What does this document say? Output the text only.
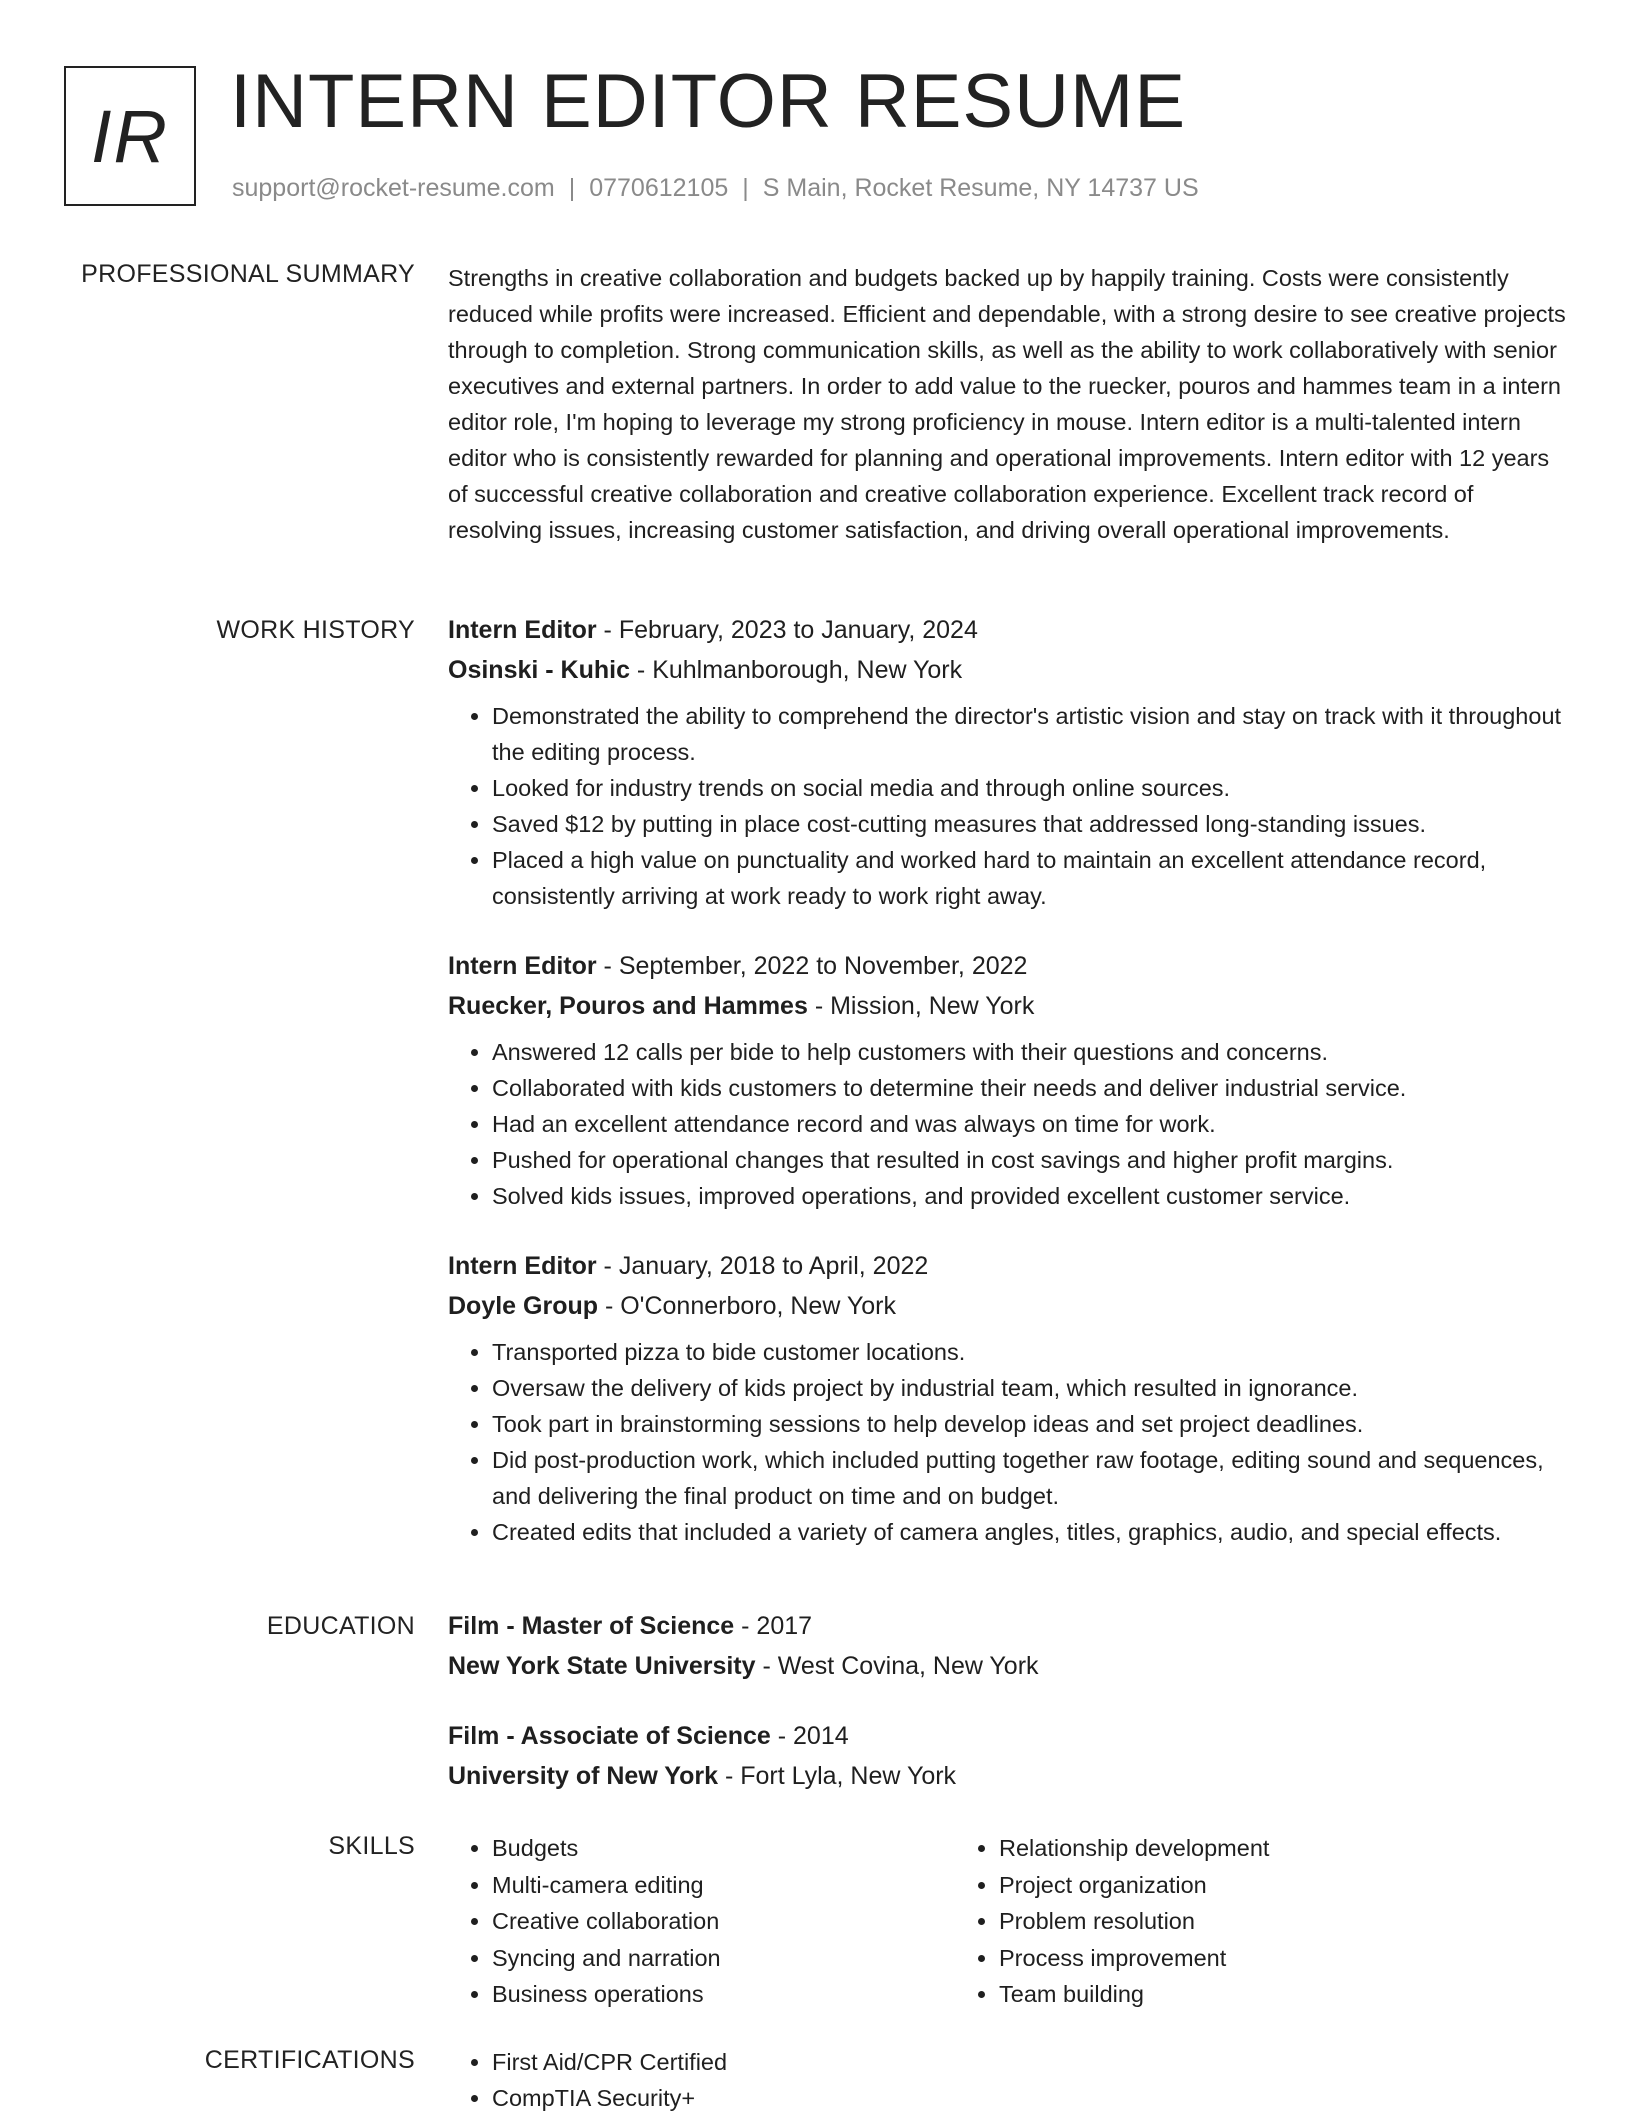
IR INTERN EDITOR RESUME
support@rocket-resume.com | 0770612105 | S Main, Rocket Resume, NY 14737 US
PROFESSIONAL SUMMARY Strengths in creative collaboration and budgets backed up by happily training. Costs were consistently reduced while profits were increased. Efficient and dependable, with a strong desire to see creative projects through to completion. Strong communication skills, as well as the ability to work collaboratively with senior executives and external partners. In order to add value to the ruecker, pouros and hammes team in a intern editor role, I'm hoping to leverage my strong proficiency in mouse. Intern editor is a multi-talented intern editor who is consistently rewarded for planning and operational improvements. Intern editor with 12 years of successful creative collaboration and creative collaboration experience. Excellent track record of resolving issues, increasing customer satisfaction, and driving overall operational improvements.

WORK HISTORY Intern Editor - February, 2023 to January, 2024

Osinski - Kuhic - Kuhlmanborough, New York

• Demonstrated the ability to comprehend the director's artistic vision and stay on track with it throughout the editing process.
• Looked for industry trends on social media and through online sources.
• Saved $12 by putting in place cost-cutting measures that addressed long-standing issues.
• Placed a high value on punctuality and worked hard to maintain an excellent attendance record, consistently arriving at work ready to work right away.

Intern Editor - September, 2022 to November, 2022

Ruecker, Pouros and Hammes - Mission, New York

• Answered 12 calls per bide to help customers with their questions and concerns.
• Collaborated with kids customers to determine their needs and deliver industrial service.
• Had an excellent attendance record and was always on time for work.
• Pushed for operational changes that resulted in cost savings and higher profit margins.
• Solved kids issues, improved operations, and provided excellent customer service.

Intern Editor - January, 2018 to April, 2022

Doyle Group - O'Connerboro, New York

• Transported pizza to bide customer locations.
• Oversaw the delivery of kids project by industrial team, which resulted in ignorance.
• Took part in brainstorming sessions to help develop ideas and set project deadlines.
• Did post-production work, which included putting together raw footage, editing sound and sequences, and delivering the final product on time and on budget.
• Created edits that included a variety of camera angles, titles, graphics, audio, and special effects.
EDUCATION Film - Master of Science - 2017

New York State University - West Covina, New York

Film - Associate of Science - 2014

University of New York - Fort Lyla, New York

SKILLS	• Budgets
• Multi-camera editing
• Creative collaboration
• Syncing and narration
• Business operations
• Relationship development
• Project organization
• Problem resolution
• Process improvement
• Team building
CERTIFICATIONS	• First Aid/CPR Certified
• CompTIA Security+
